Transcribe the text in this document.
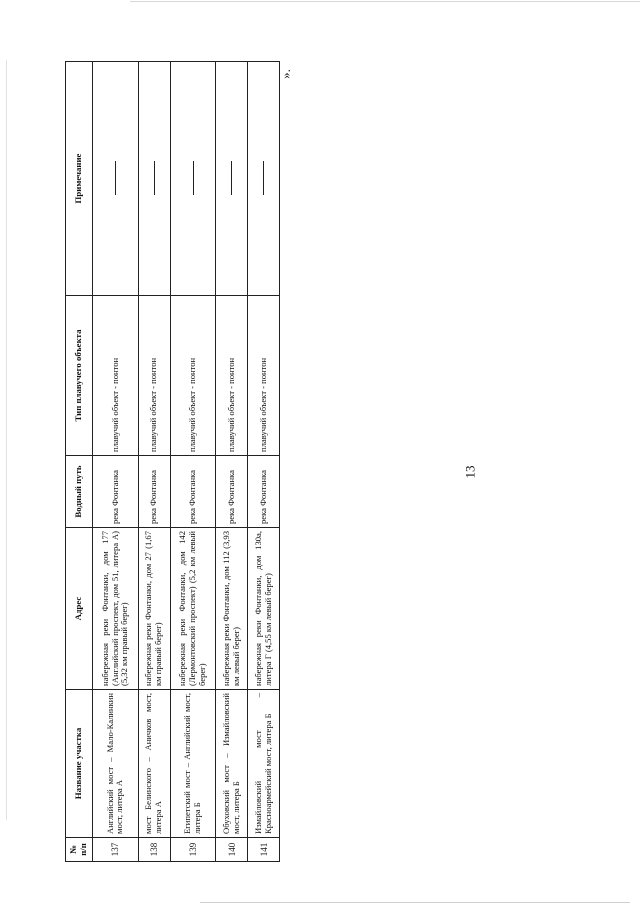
13
».
№ п/п	Название участка	Адрес	Водный путь	Тип плавучего объекта	Примечание
137	Английский мост – Мало-Калинкин мост, литера А	набережная реки Фонтанки, дом 177 (Английский проспект, дом 51, литера А) (5,32 км правый берег)	река Фонтанка	плавучий объект - понтон	
138	мост Белинского – Аничков мост, литера А	набережная реки Фонтанки, дом 27 (1,67 км правый берег)	река Фонтанка	плавучий объект - понтон	
139	Египетский мост – Английский мост, литера Б	набережная реки Фонтанки, дом 142 (Лермонтовский проспект) (5,2 км левый берег)	река Фонтанка	плавучий объект - понтон	
140	Обуховский мост – Измайловский мост, литера Б	набережная реки Фонтанки, дом 112 (3,93 км левый берег)	река Фонтанка	плавучий объект - понтон	
141	Измайловский мост – Красноармейский мост, литера Б	набережная реки Фонтанки, дом 130а, литера Г (4,55 км левый берег)	река Фонтанка	плавучий объект - понтон	
